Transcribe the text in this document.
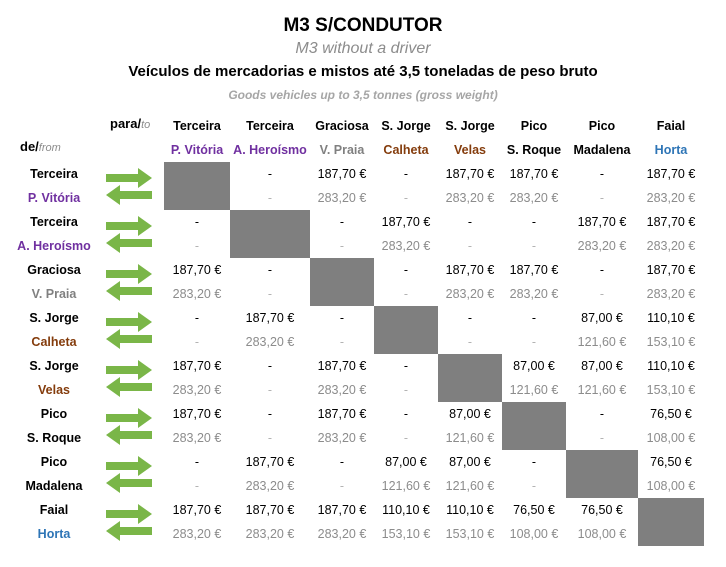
M3 S/CONDUTOR
M3 without a driver
Veículos de mercadorias e mistos até 3,5 toneladas de peso bruto
Goods vehicles up to 3,5 tonnes (gross weight)
		Terceira	Terceira	Graciosa	S. Jorge	S. Jorge	Pico	Pico	Faial
		P. Vitória	A. Heroísmo	V. Praia	Calheta	Velas	S. Roque	Madalena	Horta
Terceira			-	187,70 €	-	187,70 €	187,70 €	-	187,70 €
P. Vitória			-	283,20 €	-	283,20 €	283,20 €	-	283,20 €
Terceira		-		-	187,70 €	-	-	187,70 €	187,70 €
A. Heroísmo		-		-	283,20 €	-	-	283,20 €	283,20 €
Graciosa		187,70 €	-		-	187,70 €	187,70 €	-	187,70 €
V. Praia		283,20 €	-		-	283,20 €	283,20 €	-	283,20 €
S. Jorge		-	187,70 €	-		-	-	87,00 €	110,10 €
Calheta		-	283,20 €	-		-	-	121,60 €	153,10 €
S. Jorge		187,70 €	-	187,70 €	-		87,00 €	87,00 €	110,10 €
Velas		283,20 €	-	283,20 €	-		121,60 €	121,60 €	153,10 €
Pico		187,70 €	-	187,70 €	-	87,00 €		-	76,50 €
S. Roque		283,20 €	-	283,20 €	-	121,60 €		-	108,00 €
Pico		-	187,70 €	-	87,00 €	87,00 €	-		76,50 €
Madalena		-	283,20 €	-	121,60 €	121,60 €	-		108,00 €
Faial		187,70 €	187,70 €	187,70 €	110,10 €	110,10 €	76,50 €	76,50 €	
Horta		283,20 €	283,20 €	283,20 €	153,10 €	153,10 €	108,00 €	108,00 €	
para/to
de/from
